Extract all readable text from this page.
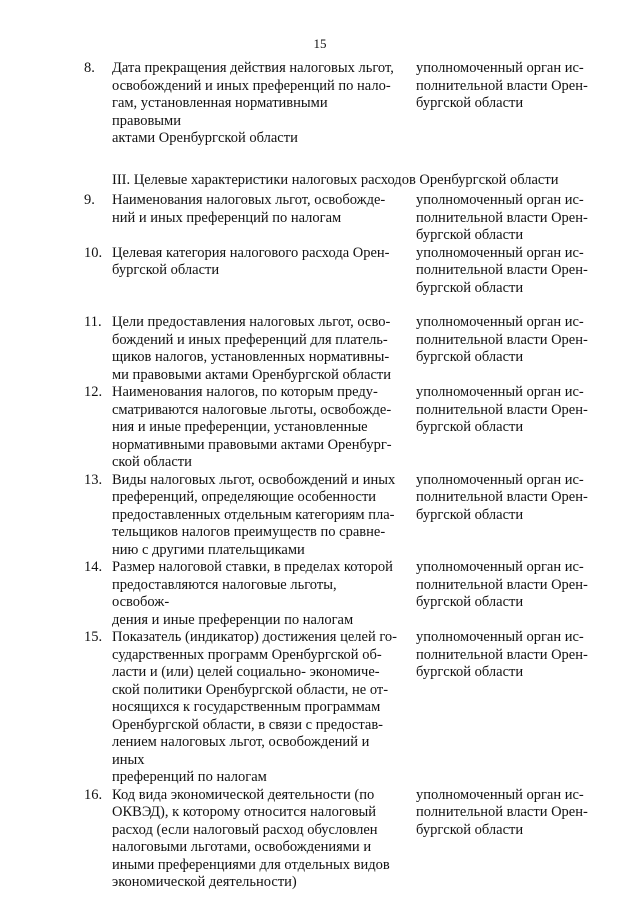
15
8.	Дата прекращения действия налоговых льгот,
освобождений и иных преференций по нало-
гам, установленная нормативными правовыми
актами Оренбургской области
уполномоченный орган ис-
полнительной власти Орен-
бургской области
III. Целевые характеристики налоговых расходов Оренбургской области
9.	Наименования налоговых льгот, освобожде-
ний и иных преференций по налогам
уполномоченный орган ис-
полнительной власти Орен-
бургской области
10. Целевая категория налогового расхода Орен-
бургской области
уполномоченный орган ис-
полнительной власти Орен-
бургской области
11. Цели предоставления налоговых льгот, осво-
бождений и иных преференций для платель-
щиков налогов, установленных нормативны-
ми правовыми актами Оренбургской области
уполномоченный орган ис-
полнительной власти Орен-
бургской области
12. Наименования налогов, по которым преду-
сматриваются налоговые льготы, освобожде-
ния и иные преференции, установленные
нормативными правовыми актами Оренбург-
ской области
уполномоченный орган ис-
полнительной власти Орен-
бургской области
13. Виды налоговых льгот, освобождений и иных
преференций, определяющие особенности
предоставленных отдельным категориям пла-
тельщиков налогов преимуществ по сравне-
нию с другими плательщиками
уполномоченный орган ис-
полнительной власти Орен-
бургской области
14. Размер налоговой ставки, в пределах которой
предоставляются налоговые льготы, освобож-
дения и иные преференции по налогам
уполномоченный орган ис-
полнительной власти Орен-
бургской области
15. Показатель (индикатор) достижения целей го-
сударственных программ Оренбургской об-
ласти и (или) целей социально- экономиче-
ской политики Оренбургской области, не от-
носящихся к государственным программам
Оренбургской области, в связи с предостав-
лением налоговых льгот, освобождений и иных
преференций по налогам
уполномоченный орган ис-
полнительной власти Орен-
бургской области
16. Код вида экономической деятельности (по
ОКВЭД), к которому относится налоговый
расход (если налоговый расход обусловлен
налоговыми льготами, освобождениями и
иными преференциями для отдельных видов
экономической деятельности)
уполномоченный орган ис-
полнительной власти Орен-
бургской области
